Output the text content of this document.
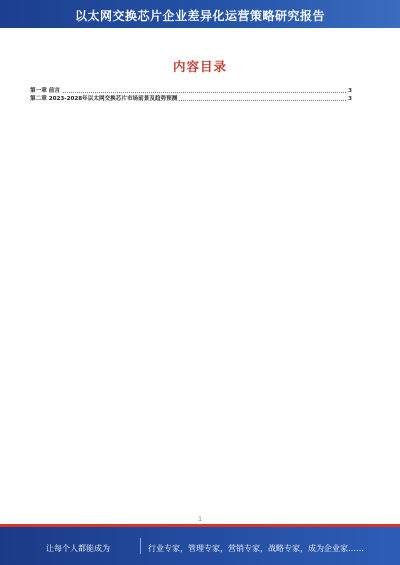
以太网交换芯片企业差异化运营策略研究报告
内容目录
第一章 前言	3
第二章 2023-2028年以太网交换芯片市场前景及趋势预测	3
1
让每个人都能成为	行业专家，管理专家，营销专家，战略专家，成为企业家……
